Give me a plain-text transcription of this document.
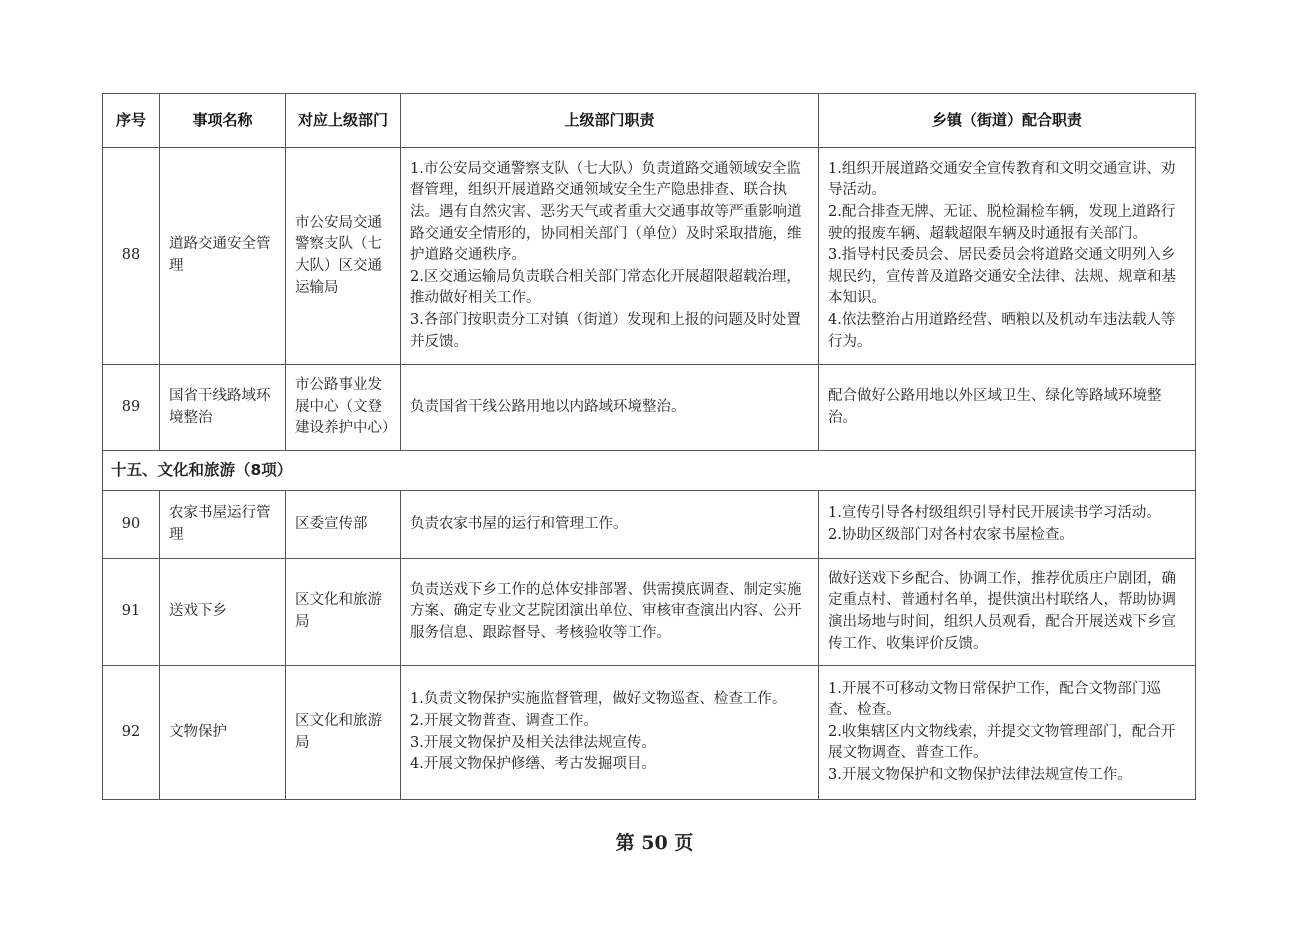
序号	事项名称	对应上级部门	上级部门职责	乡镇（街道）配合职责
88	道路交通安全管理	市公安局交通警察支队（七大队）区交通运输局	1.市公安局交通警察支队（七大队）负责道路交通领域安全监督管理，组织开展道路交通领域安全生产隐患排查、联合执法。遇有自然灾害、恶劣天气或者重大交通事故等严重影响道路交通安全情形的，协同相关部门（单位）及时采取措施，维护道路交通秩序。
2.区交通运输局负责联合相关部门常态化开展超限超载治理，推动做好相关工作。
3.各部门按职责分工对镇（街道）发现和上报的问题及时处置并反馈。	1.组织开展道路交通安全宣传教育和文明交通宣讲、劝导活动。
2.配合排查无牌、无证、脱检漏检车辆，发现上道路行驶的报废车辆、超载超限车辆及时通报有关部门。
3.指导村民委员会、居民委员会将道路交通文明列入乡规民约，宣传普及道路交通安全法律、法规、规章和基本知识。
4.依法整治占用道路经营、晒粮以及机动车违法载人等行为。

89	国省干线路域环境整治	市公路事业发展中心（文登建设养护中心）	负责国省干线公路用地以内路域环境整治。	配合做好公路用地以外区域卫生、绿化等路域环境整治。

十五、文化和旅游（8项）				
90	农家书屋运行管理	区委宣传部	负责农家书屋的运行和管理工作。	1.宣传引导各村级组织引导村民开展读书学习活动。
2.协助区级部门对各村农家书屋检查。

91	送戏下乡	区文化和旅游局	负责送戏下乡工作的总体安排部署、供需摸底调查、制定实施方案、确定专业文艺院团演出单位、审核审查演出内容、公开服务信息、跟踪督导、考核验收等工作。	做好送戏下乡配合、协调工作，推荐优质庄户剧团，确定重点村、普通村名单，提供演出村联络人，帮助协调演出场地与时间，组织人员观看，配合开展送戏下乡宣传工作、收集评价反馈。

92	文物保护	区文化和旅游局	1.负责文物保护实施监督管理，做好文物巡查、检查工作。
2.开展文物普查、调查工作。
3.开展文物保护及相关法律法规宣传。
4.开展文物保护修缮、考古发掘项目。	1.开展不可移动文物日常保护工作，配合文物部门巡查、检查。
2.收集辖区内文物线索，并提交文物管理部门，配合开展文物调查、普查工作。
3.开展文物保护和文物保护法律法规宣传工作。
第 50 页
